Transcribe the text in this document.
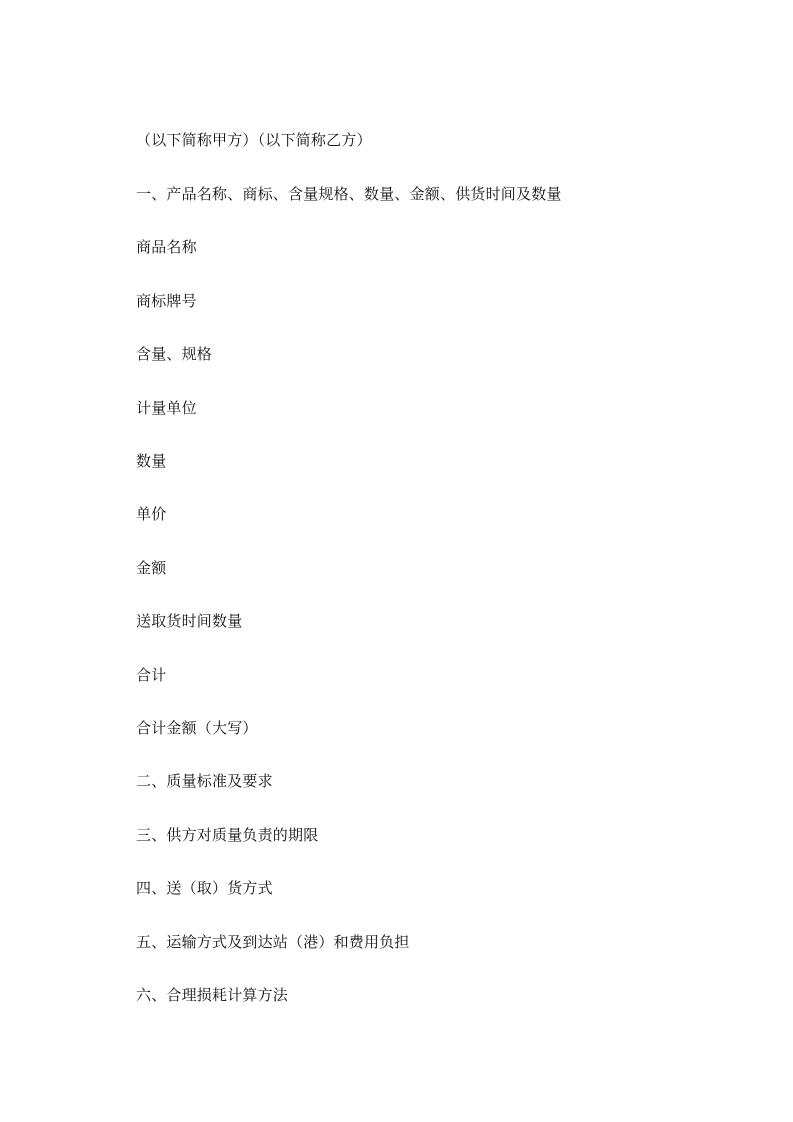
（以下简称甲方）（以下简称乙方）
一、产品名称、商标、含量规格、数量、金额、供货时间及数量
商品名称
商标牌号
含量、规格
计量单位
数量
单价
金额
送取货时间数量
合计
合计金额（大写）
二、质量标准及要求
三、供方对质量负责的期限
四、送（取）货方式
五、运输方式及到达站（港）和费用负担
六、合理损耗计算方法
